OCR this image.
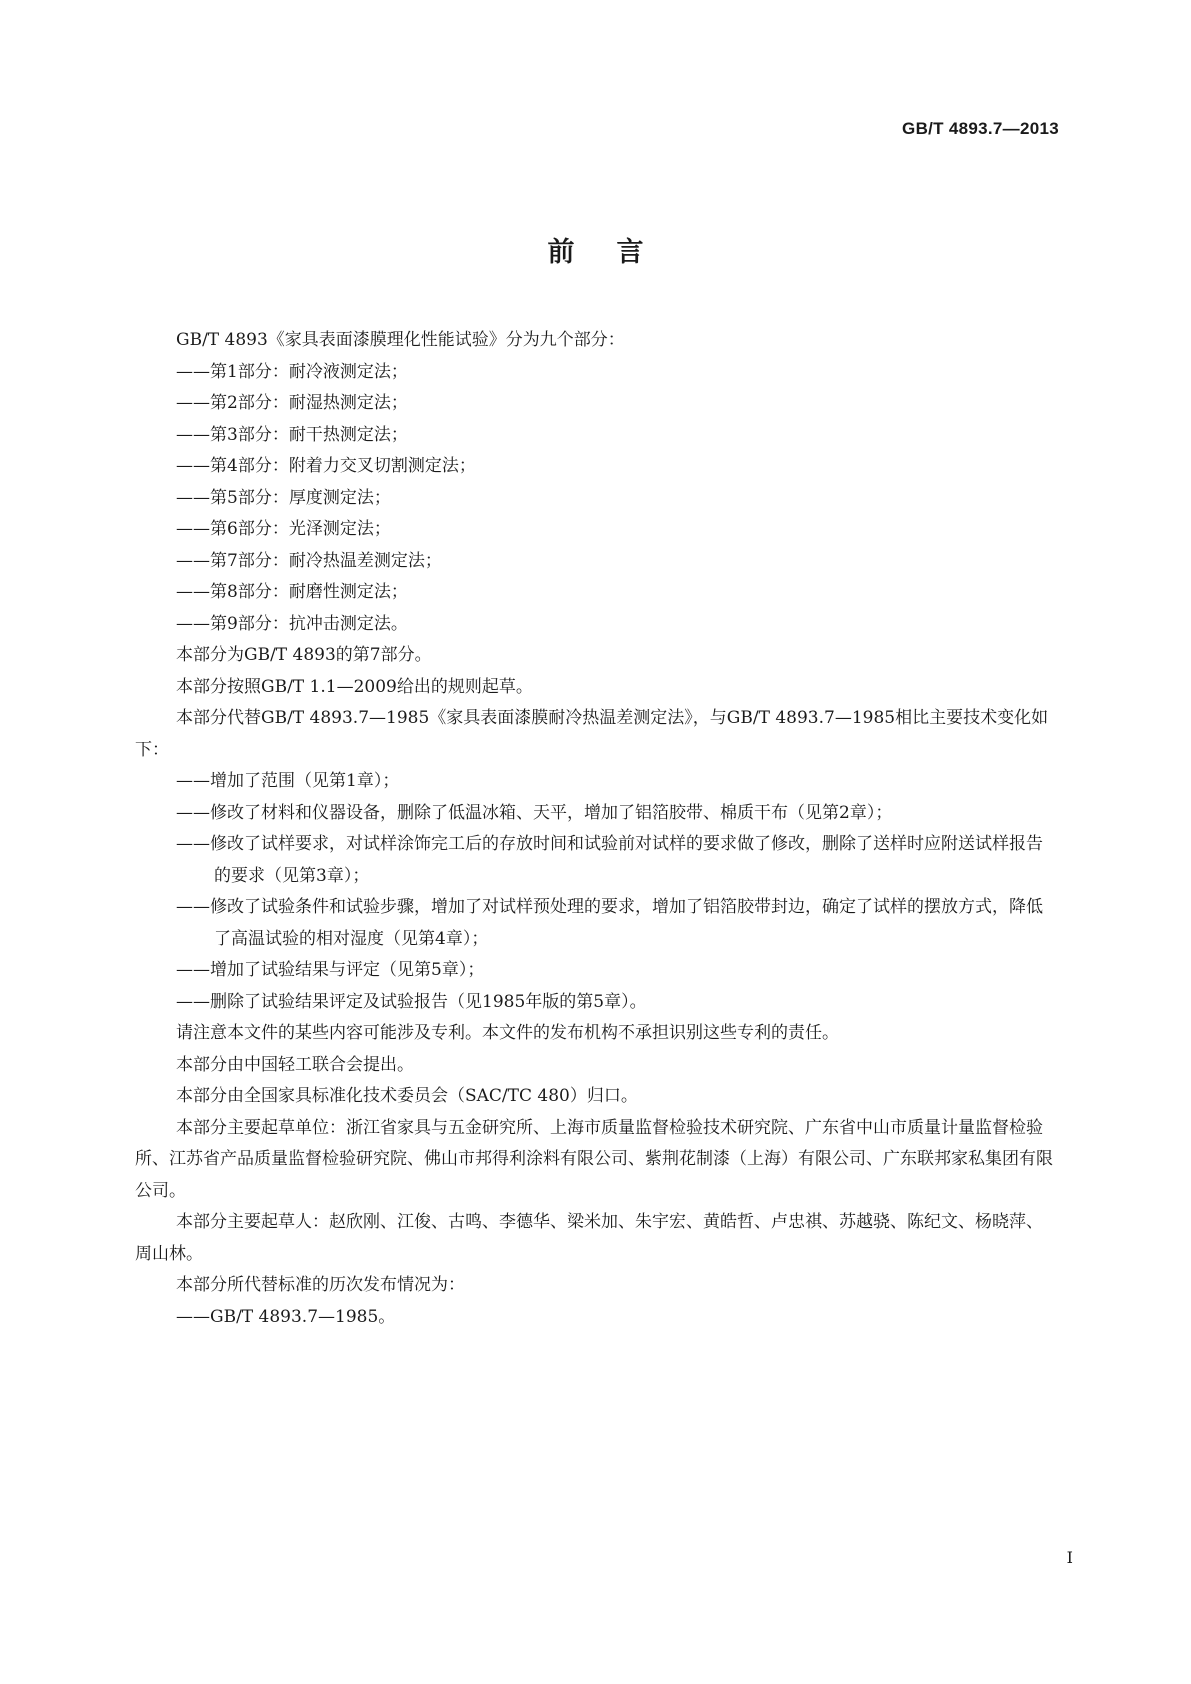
GB/T 4893.7—2013
前言
GB/T 4893《家具表面漆膜理化性能试验》分为九个部分：
——第1部分：耐冷液测定法；
——第2部分：耐湿热测定法；
——第3部分：耐干热测定法；
——第4部分：附着力交叉切割测定法；
——第5部分：厚度测定法；
——第6部分：光泽测定法；
——第7部分：耐冷热温差测定法；
——第8部分：耐磨性测定法；
——第9部分：抗冲击测定法。
本部分为GB/T 4893的第7部分。
本部分按照GB/T 1.1—2009给出的规则起草。
本部分代替GB/T 4893.7—1985《家具表面漆膜耐冷热温差测定法》，与GB/T 4893.7—1985相比主要技术变化如下：
——增加了范围（见第1章）；
——修改了材料和仪器设备，删除了低温冰箱、天平，增加了铝箔胶带、棉质干布（见第2章）；
——修改了试样要求，对试样涂饰完工后的存放时间和试验前对试样的要求做了修改，删除了送样时应附送试样报告的要求（见第3章）；
——修改了试验条件和试验步骤，增加了对试样预处理的要求，增加了铝箔胶带封边，确定了试样的摆放方式，降低了高温试验的相对湿度（见第4章）；
——增加了试验结果与评定（见第5章）；
——删除了试验结果评定及试验报告（见1985年版的第5章）。
请注意本文件的某些内容可能涉及专利。本文件的发布机构不承担识别这些专利的责任。
本部分由中国轻工联合会提出。
本部分由全国家具标准化技术委员会（SAC/TC 480）归口。
本部分主要起草单位：浙江省家具与五金研究所、上海市质量监督检验技术研究院、广东省中山市质量计量监督检验所、江苏省产品质量监督检验研究院、佛山市邦得利涂料有限公司、紫荆花制漆（上海）有限公司、广东联邦家私集团有限公司。
本部分主要起草人：赵欣刚、江俊、古鸣、李德华、梁米加、朱宇宏、黄皓哲、卢忠祺、苏越骁、陈纪文、杨晓萍、周山林。
本部分所代替标准的历次发布情况为：
——GB/T 4893.7—1985。
I
